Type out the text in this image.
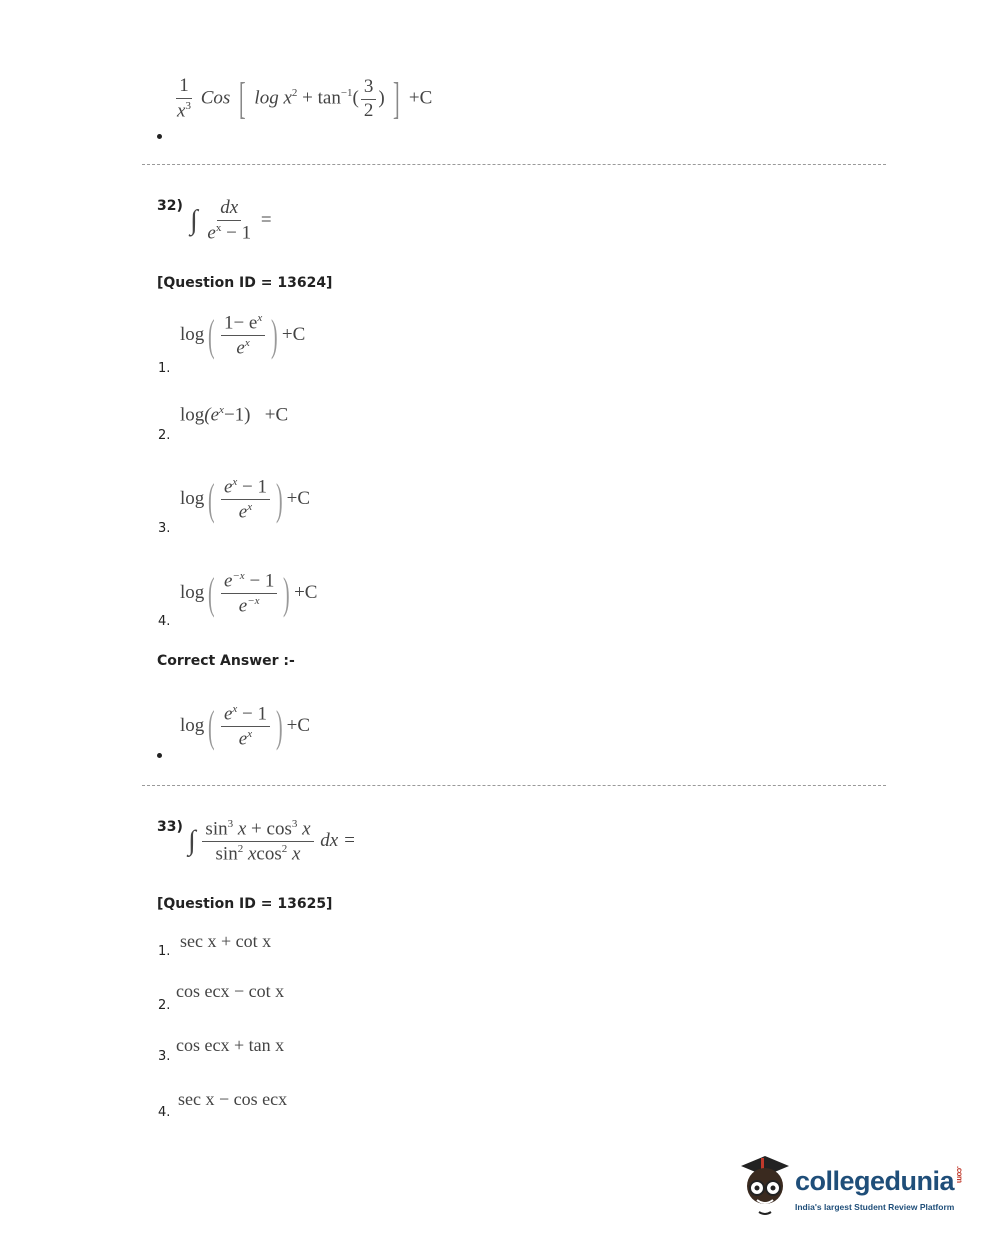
$\frac{1}{x^3}$ Cos [ $\log x^2 + \tan^{-1}( \frac{3}{2}$ ) ] +C
32) ∫ $\frac{dx}{e^x - 1}$ =
[Question ID = 13624]
$\log( \frac{1- e^x}{e^x}$ ) +C
1.
$\log(e^x-1) +C$
2.
$\log( \frac{e^x - 1}{e^x}$ ) +C
3.
$\log( \frac{e^{-x} - 1}{e^{-x}}$ ) +C
4.
Correct Answer :-
$\log( \frac{e^x - 1}{e^x}$ ) +C
33) ∫ $\frac{\sin^3 x + \cos^3 x}{\sin^2 xcos^2 x}$ dx =
[Question ID = 13625]
sec x + cot x
1.
cos ecx − cot x
2.
cos ecx + tan x
3.
sec x − cos ecx
4.
collegedunia.com
India's largest Student Review Platform
